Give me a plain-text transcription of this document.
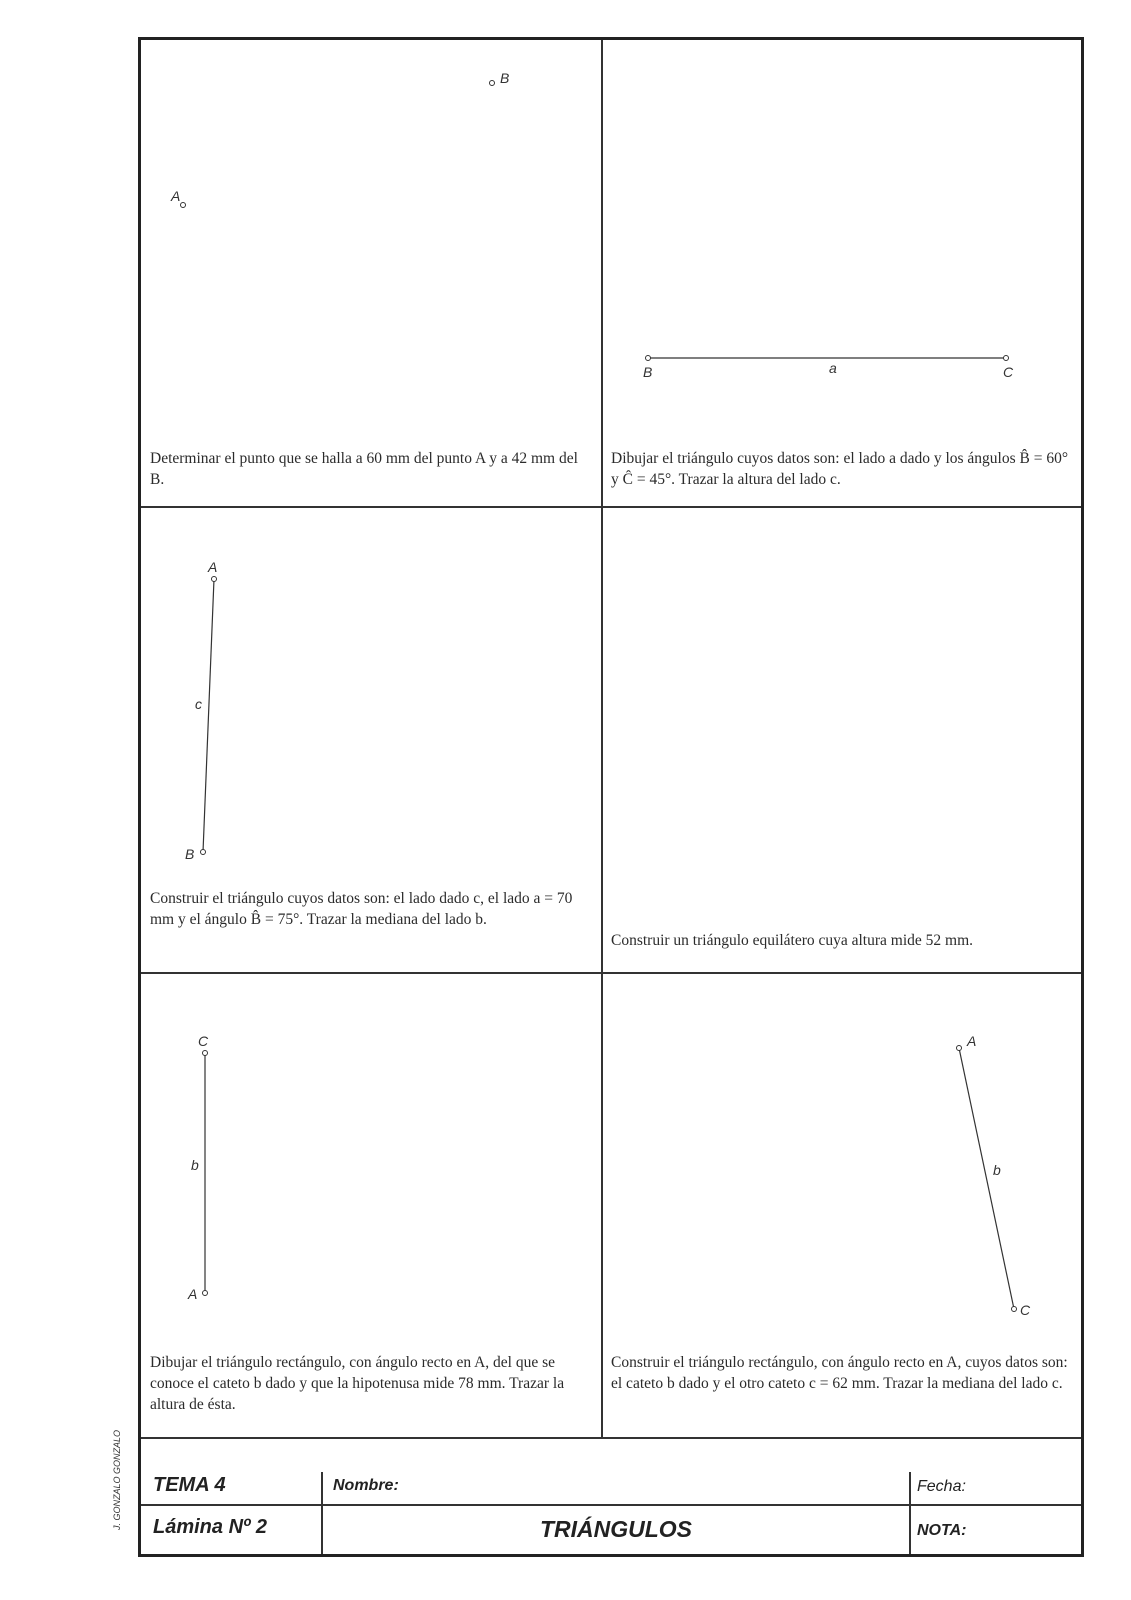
J. GONZALO GONZALO
A
B
Determinar el punto que se halla a 60 mm del punto A y a 42 mm del B.
B	a	C
Dibujar el triángulo cuyos datos son: el lado a dado y los ángulos B̂ = 60° y Ĉ = 45°. Trazar la altura del lado c.
A
c
B
Construir el triángulo cuyos datos son: el lado dado c, el lado a = 70 mm y el ángulo B̂ = 75°. Trazar la mediana del lado b.
Construir un triángulo equilátero cuya altura mide 52 mm.
C
b
A
Dibujar el triángulo rectángulo, con ángulo recto en A, del que se conoce el cateto b dado y que la hipotenusa mide 78 mm. Trazar la altura de ésta.
A
b
C
Construir el triángulo rectángulo, con ángulo recto en A, cuyos datos son: el cateto b dado y el otro cateto c = 62 mm. Trazar la mediana del lado c.
TEMA 4	Nombre:	Fecha:
Lámina Nº 2	TRIÁNGULOS	NOTA:
